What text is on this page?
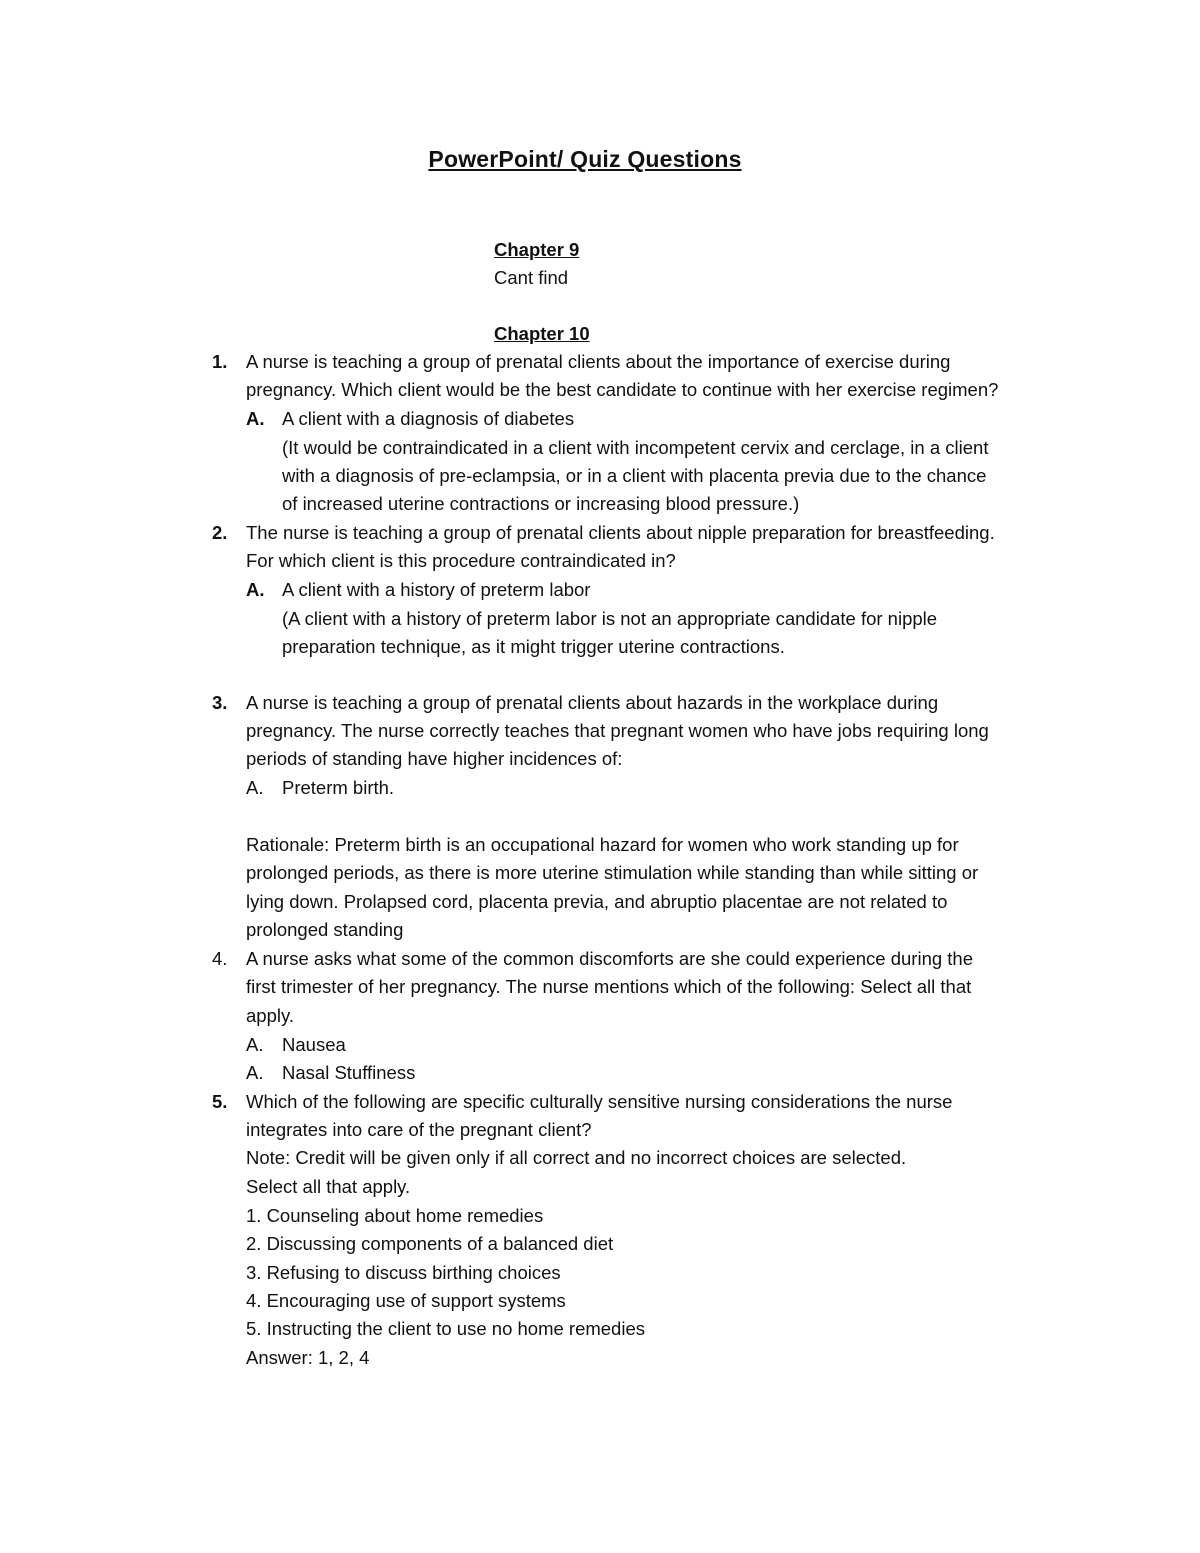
PowerPoint/ Quiz Questions
Chapter 9
Cant find
Chapter 10
1. A nurse is teaching a group of prenatal clients about the importance of exercise during
pregnancy. Which client would be the best candidate to continue with her exercise regimen?
A. A client with a diagnosis of diabetes
(It would be contraindicated in a client with incompetent cervix and cerclage, in a client
with a diagnosis of pre-eclampsia, or in a client with placenta previa due to the chance
of increased uterine contractions or increasing blood pressure.)
2. The nurse is teaching a group of prenatal clients about nipple preparation for breastfeeding.
For which client is this procedure contraindicated in?
A. A client with a history of preterm labor
(A client with a history of preterm labor is not an appropriate candidate for nipple
preparation technique, as it might trigger uterine contractions.
3. A nurse is teaching a group of prenatal clients about hazards in the workplace during
pregnancy. The nurse correctly teaches that pregnant women who have jobs requiring long
periods of standing have higher incidences of:
A. Preterm birth.
Rationale: Preterm birth is an occupational hazard for women who work standing up for
prolonged periods, as there is more uterine stimulation while standing than while sitting or
lying down. Prolapsed cord, placenta previa, and abruptio placentae are not related to
prolonged standing
4. A nurse asks what some of the common discomforts are she could experience during the
first trimester of her pregnancy. The nurse mentions which of the following: Select all that
apply.
A. Nausea
A. Nasal Stuffiness
5. Which of the following are specific culturally sensitive nursing considerations the nurse
integrates into care of the pregnant client?
Note: Credit will be given only if all correct and no incorrect choices are selected.
Select all that apply.
1. Counseling about home remedies
2. Discussing components of a balanced diet
3. Refusing to discuss birthing choices
4. Encouraging use of support systems
5. Instructing the client to use no home remedies
Answer: 1, 2, 4
